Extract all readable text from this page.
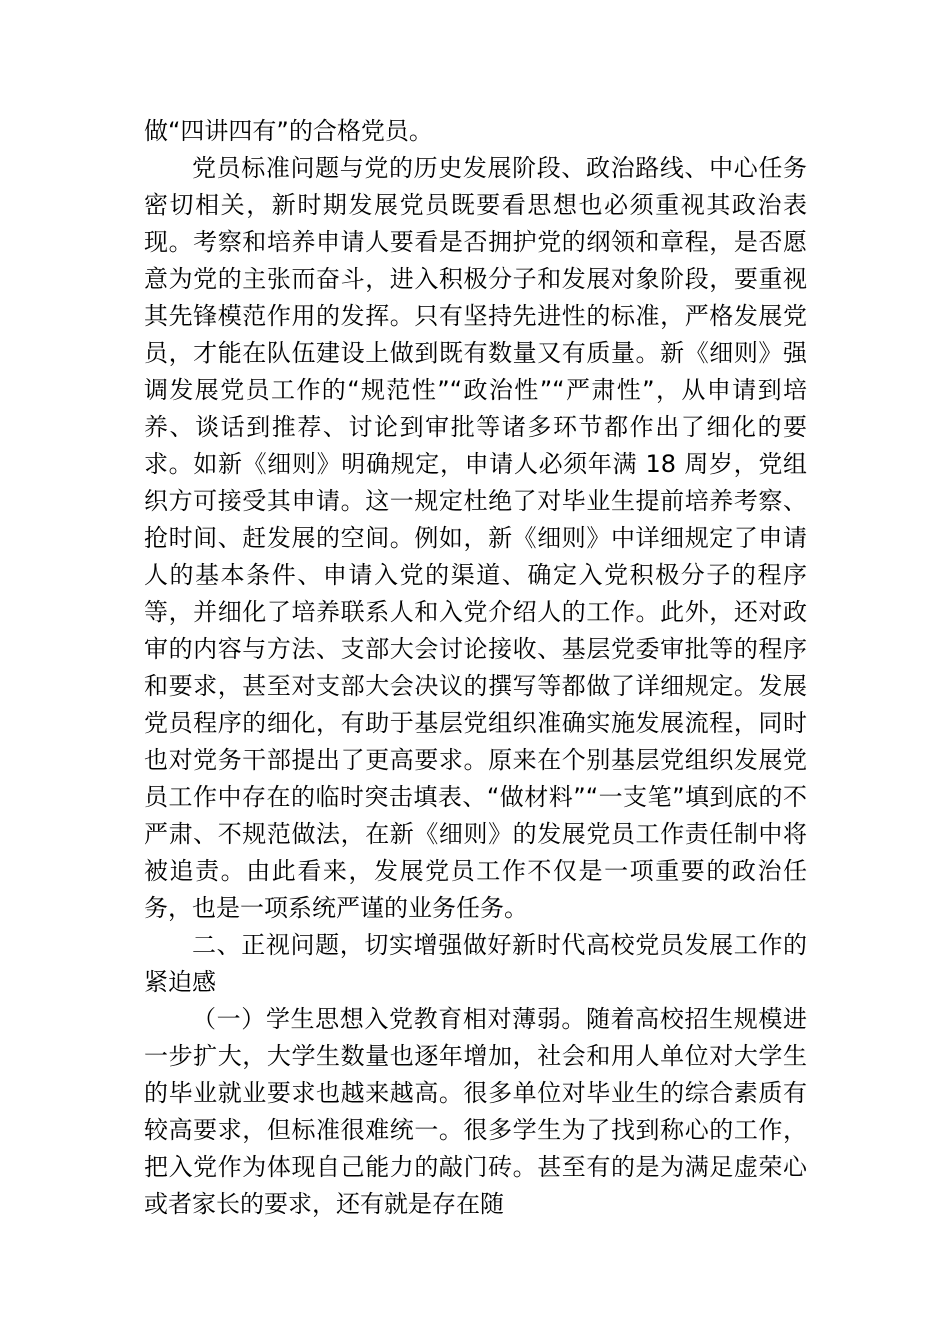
做“四讲四有”的合格党员。

党员标准问题与党的历史发展阶段、政治路线、中心任务密切相关，新时期发展党员既要看思想也必须重视其政治表现。考察和培养申请人要看是否拥护党的纲领和章程，是否愿意为党的主张而奋斗，进入积极分子和发展对象阶段，要重视其先锋模范作用的发挥。只有坚持先进性的标准，严格发展党员，才能在队伍建设上做到既有数量又有质量。新《细则》强调发展党员工作的“规范性”“政治性”“严肃性”，从申请到培养、谈话到推荐、讨论到审批等诸多环节都作出了细化的要求。如新《细则》明确规定，申请人必须年满 18 周岁，党组织方可接受其申请。这一规定杜绝了对毕业生提前培养考察、抢时间、赶发展的空间。例如，新《细则》中详细规定了申请人的基本条件、申请入党的渠道、确定入党积极分子的程序等，并细化了培养联系人和入党介绍人的工作。此外，还对政审的内容与方法、支部大会讨论接收、基层党委审批等的程序和要求，甚至对支部大会决议的撰写等都做了详细规定。发展党员程序的细化，有助于基层党组织准确实施发展流程，同时也对党务干部提出了更高要求。原来在个别基层党组织发展党员工作中存在的临时突击填表、“做材料”“一支笔”填到底的不严肃、不规范做法，在新《细则》的发展党员工作责任制中将被追责。由此看来，发展党员工作不仅是一项重要的政治任务，也是一项系统严谨的业务任务。

二、正视问题，切实增强做好新时代高校党员发展工作的紧迫感

（一）学生思想入党教育相对薄弱。随着高校招生规模进一步扩大，大学生数量也逐年增加，社会和用人单位对大学生的毕业就业要求也越来越高。很多单位对毕业生的综合素质有较高要求，但标准很难统一。很多学生为了找到称心的工作，把入党作为体现自己能力的敲门砖。甚至有的是为满足虚荣心或者家长的要求，还有就是存在随
